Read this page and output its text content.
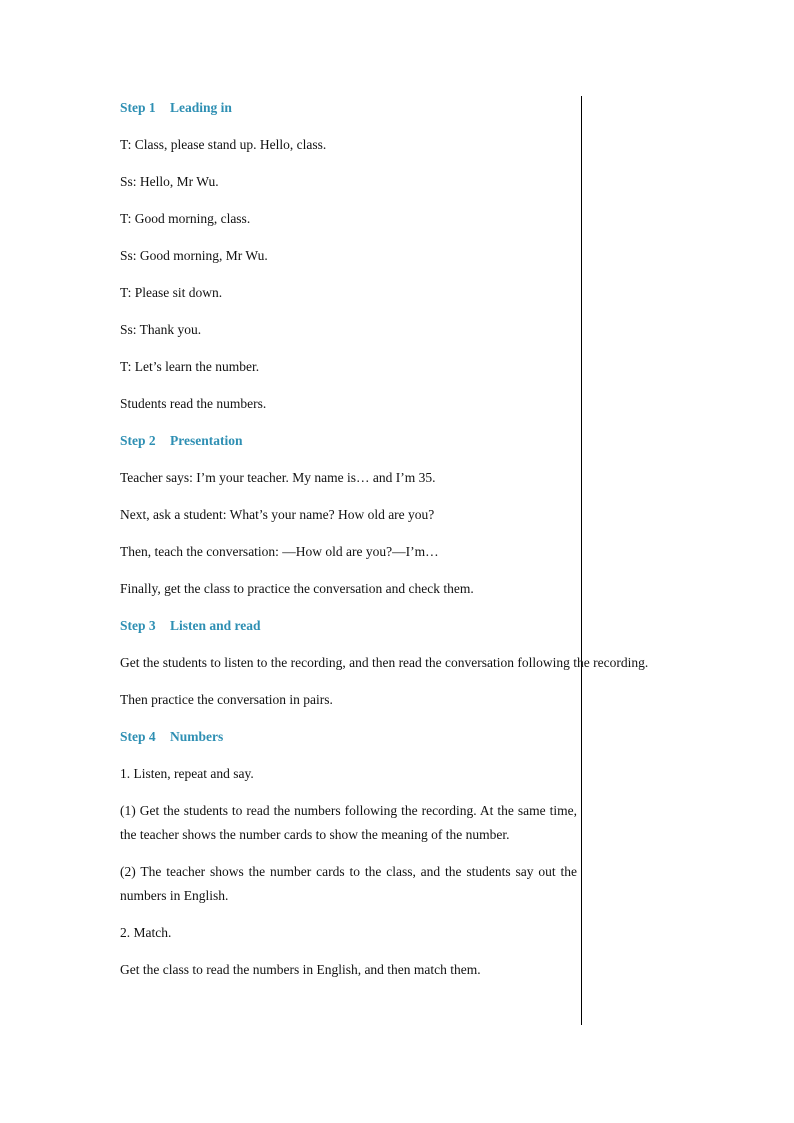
Step 1 Leading in
T: Class, please stand up. Hello, class.
Ss: Hello, Mr Wu.
T: Good morning, class.
Ss: Good morning, Mr Wu.
T: Please sit down.
Ss: Thank you.
T: Let’s learn the number.
Students read the numbers.
Step 2 Presentation
Teacher says: I’m your teacher. My name is… and I’m 35.
Next, ask a student: What’s your name? How old are you?
Then, teach the conversation: —How old are you?—I’m…
Finally, get the class to practice the conversation and check them.
Step 3 Listen and read
Get the students to listen to the recording, and then read the conversation following the recording.
Then practice the conversation in pairs.
Step 4 Numbers
1. Listen, repeat and say.
(1) Get the students to read the numbers following the recording. At the same time, the teacher shows the number cards to show the meaning of the number.
(2) The teacher shows the number cards to the class, and the students say out the numbers in English.
2. Match.
Get the class to read the numbers in English, and then match them.
